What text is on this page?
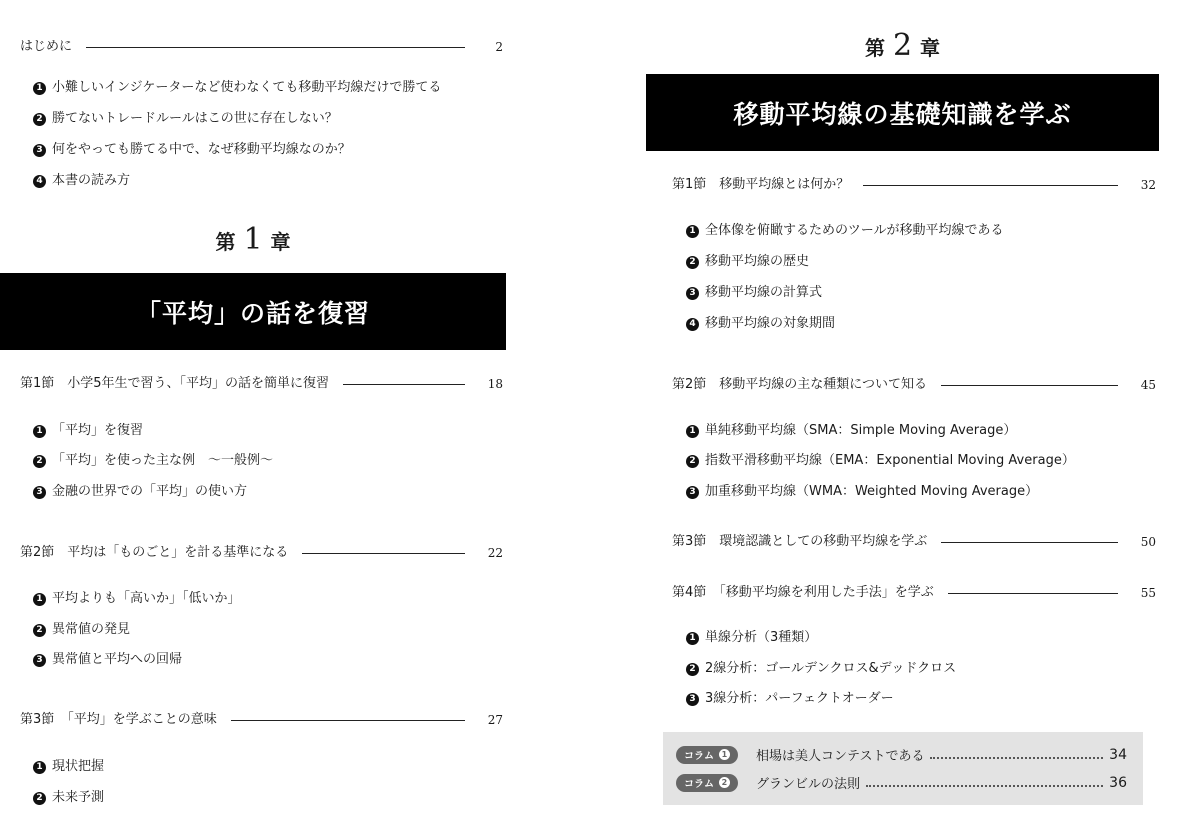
はじめに	2
1 小難しいインジケーターなど使わなくても移動平均線だけで勝てる
2 勝てないトレードルールはこの世に存在しない？
3 何をやっても勝てる中で、なぜ移動平均線なのか？
4 本書の読み方
第 1 章
「平均」の話を復習
第1節　小学5年生で習う、「平均」の話を簡単に復習	18
1 「平均」を復習
2 「平均」を使った主な例　〜一般例〜
3 金融の世界での「平均」の使い方
第2節　平均は「ものごと」を計る基準になる	22
1 平均よりも「高いか」「低いか」
2 異常値の発見
3 異常値と平均への回帰
第3節　「平均」を学ぶことの意味	27
1 現状把握
2 未来予測
第 2 章
移動平均線の基礎知識を学ぶ
第1節　移動平均線とは何か？	32
1 全体像を俯瞰するためのツールが移動平均線である
2 移動平均線の歴史
3 移動平均線の計算式
4 移動平均線の対象期間
第2節　移動平均線の主な種類について知る	45
1 単純移動平均線（SMA：Simple Moving Average）
2 指数平滑移動平均線（EMA：Exponential Moving Average）
3 加重移動平均線（WMA：Weighted Moving Average）
第3節　環境認識としての移動平均線を学ぶ	50
第4節　「移動平均線を利用した手法」を学ぶ	55
1 単線分析（3種類）
2 2線分析：ゴールデンクロス&デッドクロス
3 3線分析：パーフェクトオーダー
コラム 1 相場は美人コンテストである	34
コラム 2 グランビルの法則	36
